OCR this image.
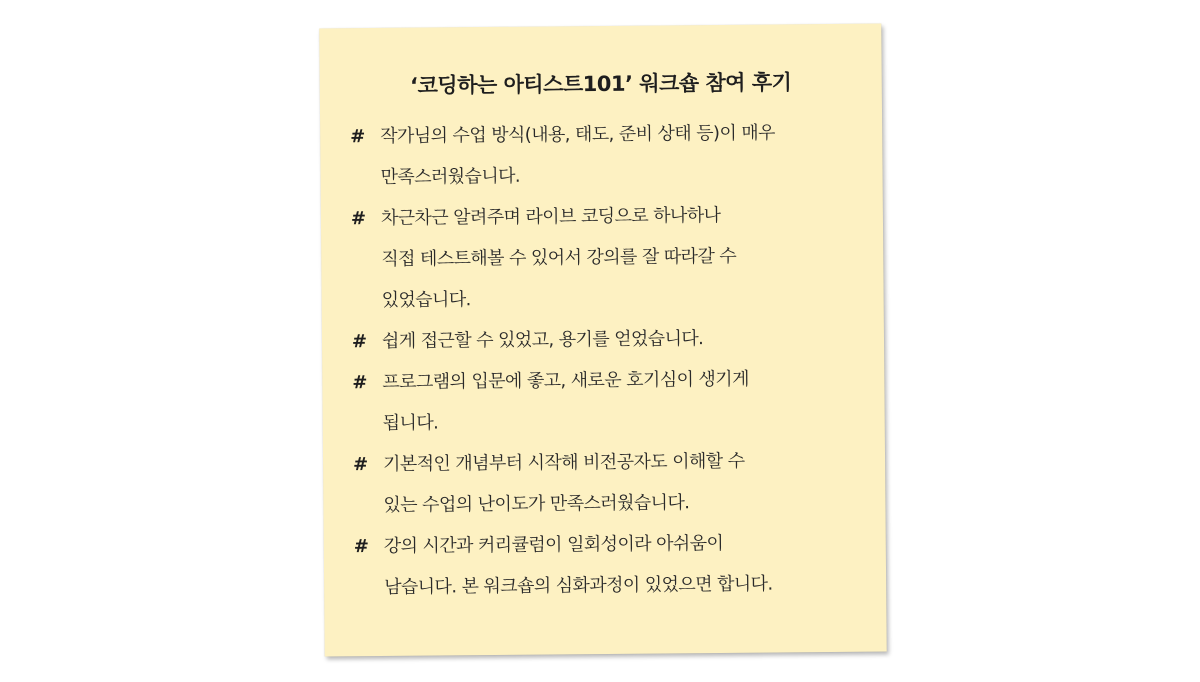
‘코딩하는 아티스트101’ 워크숍 참여 후기
# 작가님의 수업 방식(내용, 태도, 준비 상태 등)이 매우
만족스러웠습니다.
# 차근차근 알려주며 라이브 코딩으로 하나하나
직접 테스트해볼 수 있어서 강의를 잘 따라갈 수
있었습니다.
# 쉽게 접근할 수 있었고, 용기를 얻었습니다.
# 프로그램의 입문에 좋고, 새로운 호기심이 생기게
됩니다.
# 기본적인 개념부터 시작해 비전공자도 이해할 수
있는 수업의 난이도가 만족스러웠습니다.
# 강의 시간과 커리큘럼이 일회성이라 아쉬움이
남습니다. 본 워크숍의 심화과정이 있었으면 합니다.
